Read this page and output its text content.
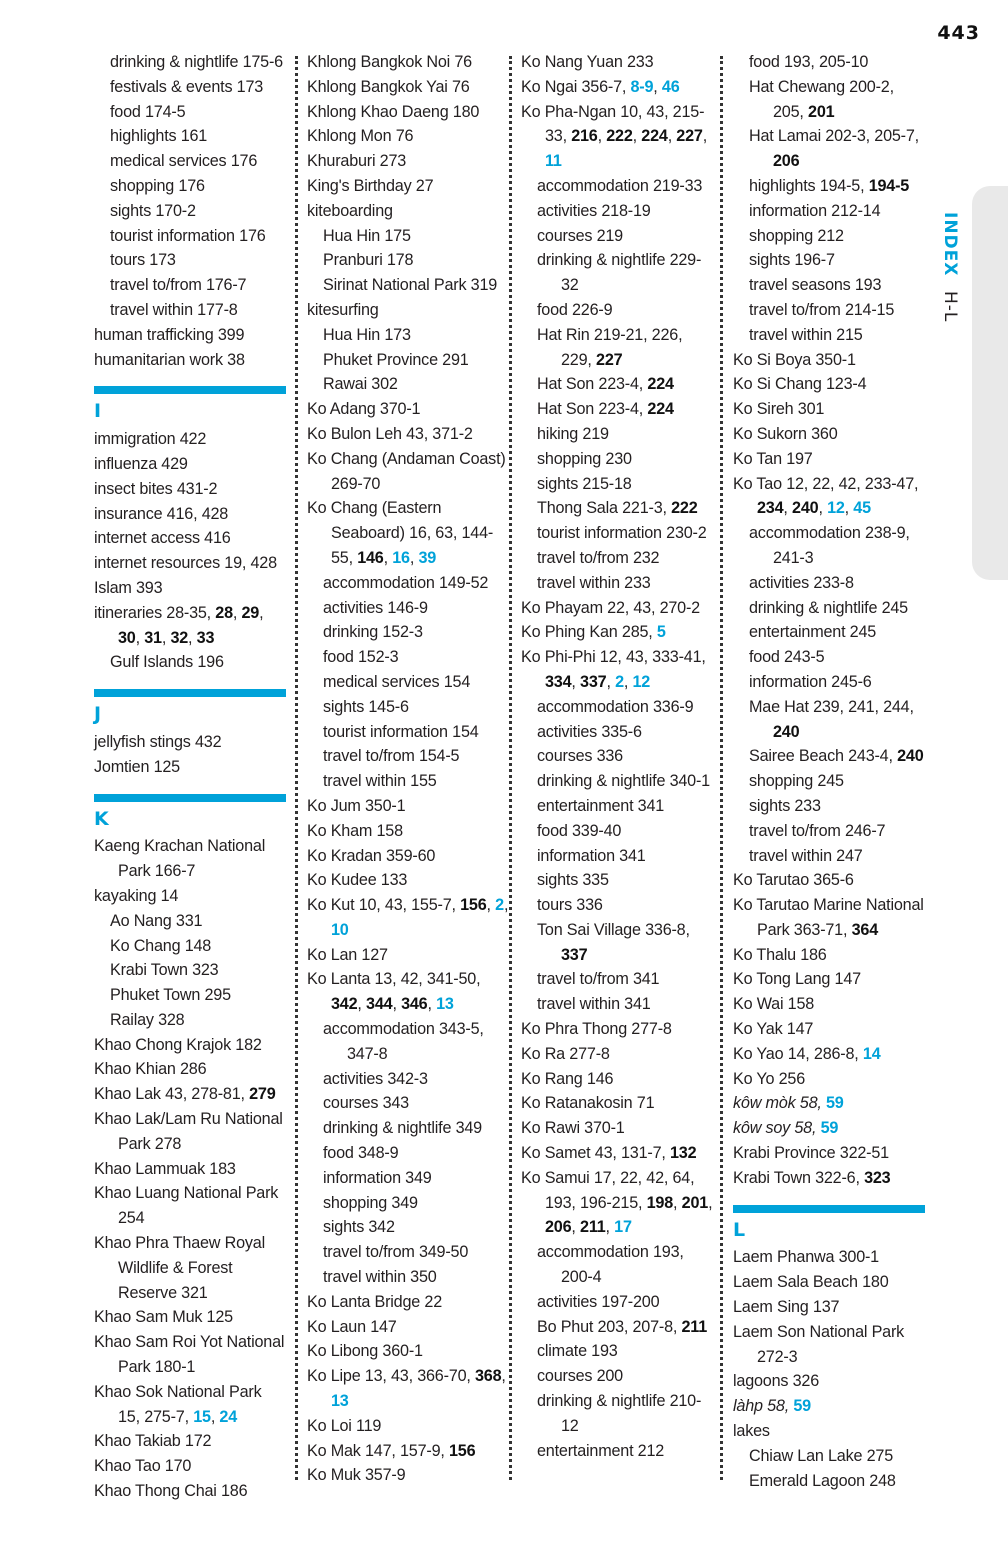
443
INDEX H-L
drinking & nightlife 175-6
festivals & events 173
food 174-5
highlights 161
medical services 176
shopping 176
sights 170-2
tourist information 176
tours 173
travel to/from 176-7
travel within 177-8
human trafficking 399
humanitarian work 38
I
immigration 422
influenza 429
insect bites 431-2
insurance 416, 428
internet access 416
internet resources 19, 428
Islam 393
itineraries 28-35, 28, 29, 30, 31, 32, 33
Gulf Islands 196
J
jellyfish stings 432
Jomtien 125
K
Kaeng Krachan National Park 166-7
kayaking 14
Ao Nang 331
Ko Chang 148
Krabi Town 323
Phuket Town 295
Railay 328
Khao Chong Krajok 182
Khao Khian 286
Khao Lak 43, 278-81, 279
Khao Lak/Lam Ru National Park 278
Khao Lammuak 183
Khao Luang National Park 254
Khao Phra Thaew Royal Wildlife & Forest Reserve 321
Khao Sam Muk 125
Khao Sam Roi Yot National Park 180-1
Khao Sok National Park 15, 275-7, 15, 24
Khao Takiab 172
Khao Tao 170
Khao Thong Chai 186
Khlong Bangkok Noi 76
Khlong Bangkok Yai 76
Khlong Khao Daeng 180
Khlong Mon 76
Khuraburi 273
King's Birthday 27
kiteboarding
Hua Hin 175
Pranburi 178
Sirinat National Park 319
kitesurfing
Hua Hin 173
Phuket Province 291
Rawai 302
Ko Adang 370-1
Ko Bulon Leh 43, 371-2
Ko Chang (Andaman Coast) 269-70
Ko Chang (Eastern Seaboard) 16, 63, 144-55, 146, 16, 39
accommodation 149-52
activities 146-9
drinking 152-3
food 152-3
medical services 154
sights 145-6
tourist information 154
travel to/from 154-5
travel within 155
Ko Jum 350-1
Ko Kham 158
Ko Kradan 359-60
Ko Kudee 133
Ko Kut 10, 43, 155-7, 156, 2, 10
Ko Lan 127
Ko Lanta 13, 42, 341-50, 342, 344, 346, 13
accommodation 343-5, 347-8
activities 342-3
courses 343
drinking & nightlife 349
food 348-9
information 349
shopping 349
sights 342
travel to/from 349-50
travel within 350
Ko Lanta Bridge 22
Ko Laun 147
Ko Libong 360-1
Ko Lipe 13, 43, 366-70, 368, 13
Ko Loi 119
Ko Mak 147, 157-9, 156
Ko Muk 357-9
Ko Nang Yuan 233
Ko Ngai 356-7, 8-9, 46
Ko Pha-Ngan 10, 43, 215-33, 216, 222, 224, 227, 11
accommodation 219-33
activities 218-19
courses 219
drinking & nightlife 229-32
food 226-9
Hat Rin 219-21, 226, 229, 227
Hat Son 223-4, 224
Hat Son 223-4, 224
hiking 219
shopping 230
sights 215-18
Thong Sala 221-3, 222
tourist information 230-2
travel to/from 232
travel within 233
Ko Phayam 22, 43, 270-2
Ko Phing Kan 285, 5
Ko Phi-Phi 12, 43, 333-41, 334, 337, 2, 12
accommodation 336-9
activities 335-6
courses 336
drinking & nightlife 340-1
entertainment 341
food 339-40
information 341
sights 335
tours 336
Ton Sai Village 336-8, 337
travel to/from 341
travel within 341
Ko Phra Thong 277-8
Ko Ra 277-8
Ko Rang 146
Ko Ratanakosin 71
Ko Rawi 370-1
Ko Samet 43, 131-7, 132
Ko Samui 17, 22, 42, 64, 193, 196-215, 198, 201, 206, 211, 17
accommodation 193, 200-4
activities 197-200
Bo Phut 203, 207-8, 211
climate 193
courses 200
drinking & nightlife 210-12
entertainment 212
food 193, 205-10
Hat Chewang 200-2, 205, 201
Hat Lamai 202-3, 205-7, 206
highlights 194-5, 194-5
information 212-14
shopping 212
sights 196-7
travel seasons 193
travel to/from 214-15
travel within 215
Ko Si Boya 350-1
Ko Si Chang 123-4
Ko Sireh 301
Ko Sukorn 360
Ko Tan 197
Ko Tao 12, 22, 42, 233-47, 234, 240, 12, 45
accommodation 238-9, 241-3
activities 233-8
drinking & nightlife 245
entertainment 245
food 243-5
information 245-6
Mae Hat 239, 241, 244, 240
Sairee Beach 243-4, 240
shopping 245
sights 233
travel to/from 246-7
travel within 247
Ko Tarutao 365-6
Ko Tarutao Marine National Park 363-71, 364
Ko Thalu 186
Ko Tong Lang 147
Ko Wai 158
Ko Yak 147
Ko Yao 14, 286-8, 14
Ko Yo 256
kôw mòk 58, 59
kôw soy 58, 59
Krabi Province 322-51
Krabi Town 322-6, 323
L
Laem Phanwa 300-1
Laem Sala Beach 180
Laem Sing 137
Laem Son National Park 272-3
lagoons 326
làhp 58, 59
lakes
Chiaw Lan Lake 275
Emerald Lagoon 248
